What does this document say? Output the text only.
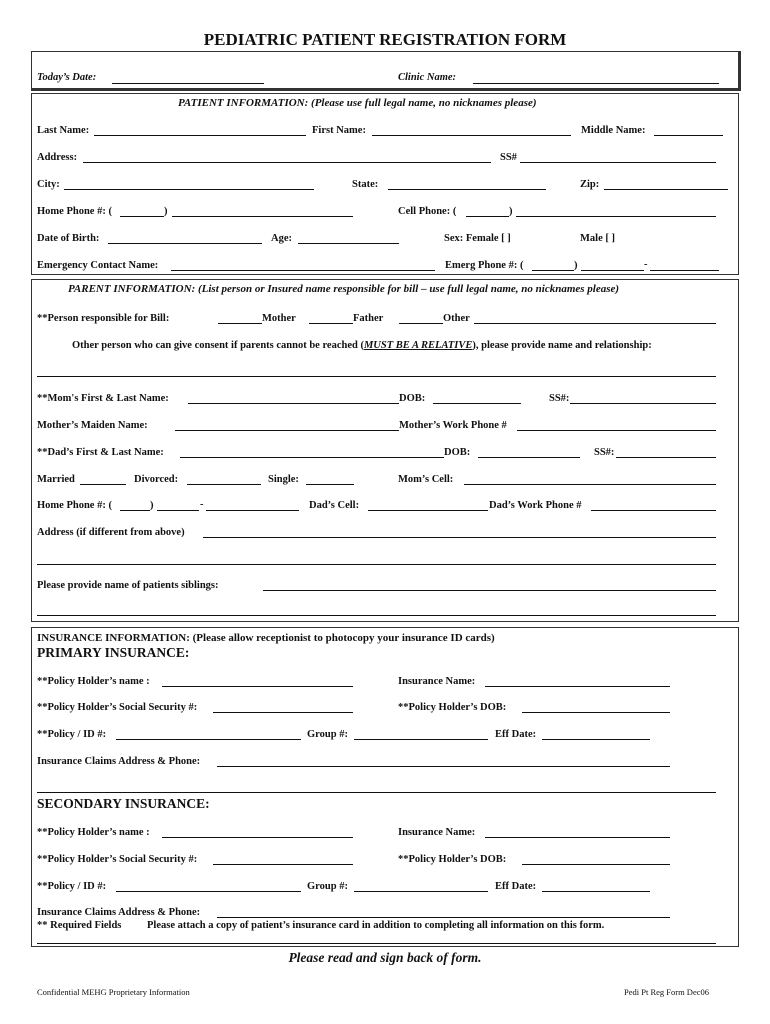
PEDIATRIC PATIENT REGISTRATION FORM
Today’s Date:	Clinic Name:
PATIENT INFORMATION: (Please use full legal name, no nicknames please)
Last Name:	First Name:	Middle Name:
Address:	SS#
City:	State:	Zip:
Home Phone #: (	)	Cell Phone: (	)
Date of Birth:	Age:	Sex: Female [ ]	Male [ ]
Emergency Contact Name:	Emerg Phone #: (	)	-
PARENT INFORMATION: (List person or Insured name responsible for bill – use full legal name, no nicknames please)
**Person responsible for Bill:	Mother	Father	Other
Other person who can give consent if parents cannot be reached (MUST BE A RELATIVE), please provide name and relationship:
**Mom's First & Last Name:	DOB:	SS#:
Mother’s Maiden Name:	Mother’s Work Phone #
**Dad’s First & Last Name:	DOB:	SS#:
Married	Divorced:	Single:	Mom’s Cell:
Home Phone #: (	)	-	Dad’s Cell:	Dad’s Work Phone #
Address (if different from above)
Please provide name of patients siblings:
INSURANCE INFORMATION: (Please allow receptionist to photocopy your insurance ID cards)
PRIMARY INSURANCE:
**Policy Holder’s name :	Insurance Name:
**Policy Holder’s Social Security #:	**Policy Holder’s DOB:
**Policy / ID #:	Group #:	Eff Date:
Insurance Claims Address & Phone:
SECONDARY INSURANCE:
**Policy Holder’s name :	Insurance Name:
**Policy Holder’s Social Security #:	**Policy Holder’s DOB:
**Policy / ID #:	Group #:	Eff Date:
Insurance Claims Address & Phone:
** Required Fields Please attach a copy of patient’s insurance card in addition to completing all information on this form.
Please read and sign back of form.
Confidential MEHG Proprietary Information	Pedi Pt Reg Form Dec06
